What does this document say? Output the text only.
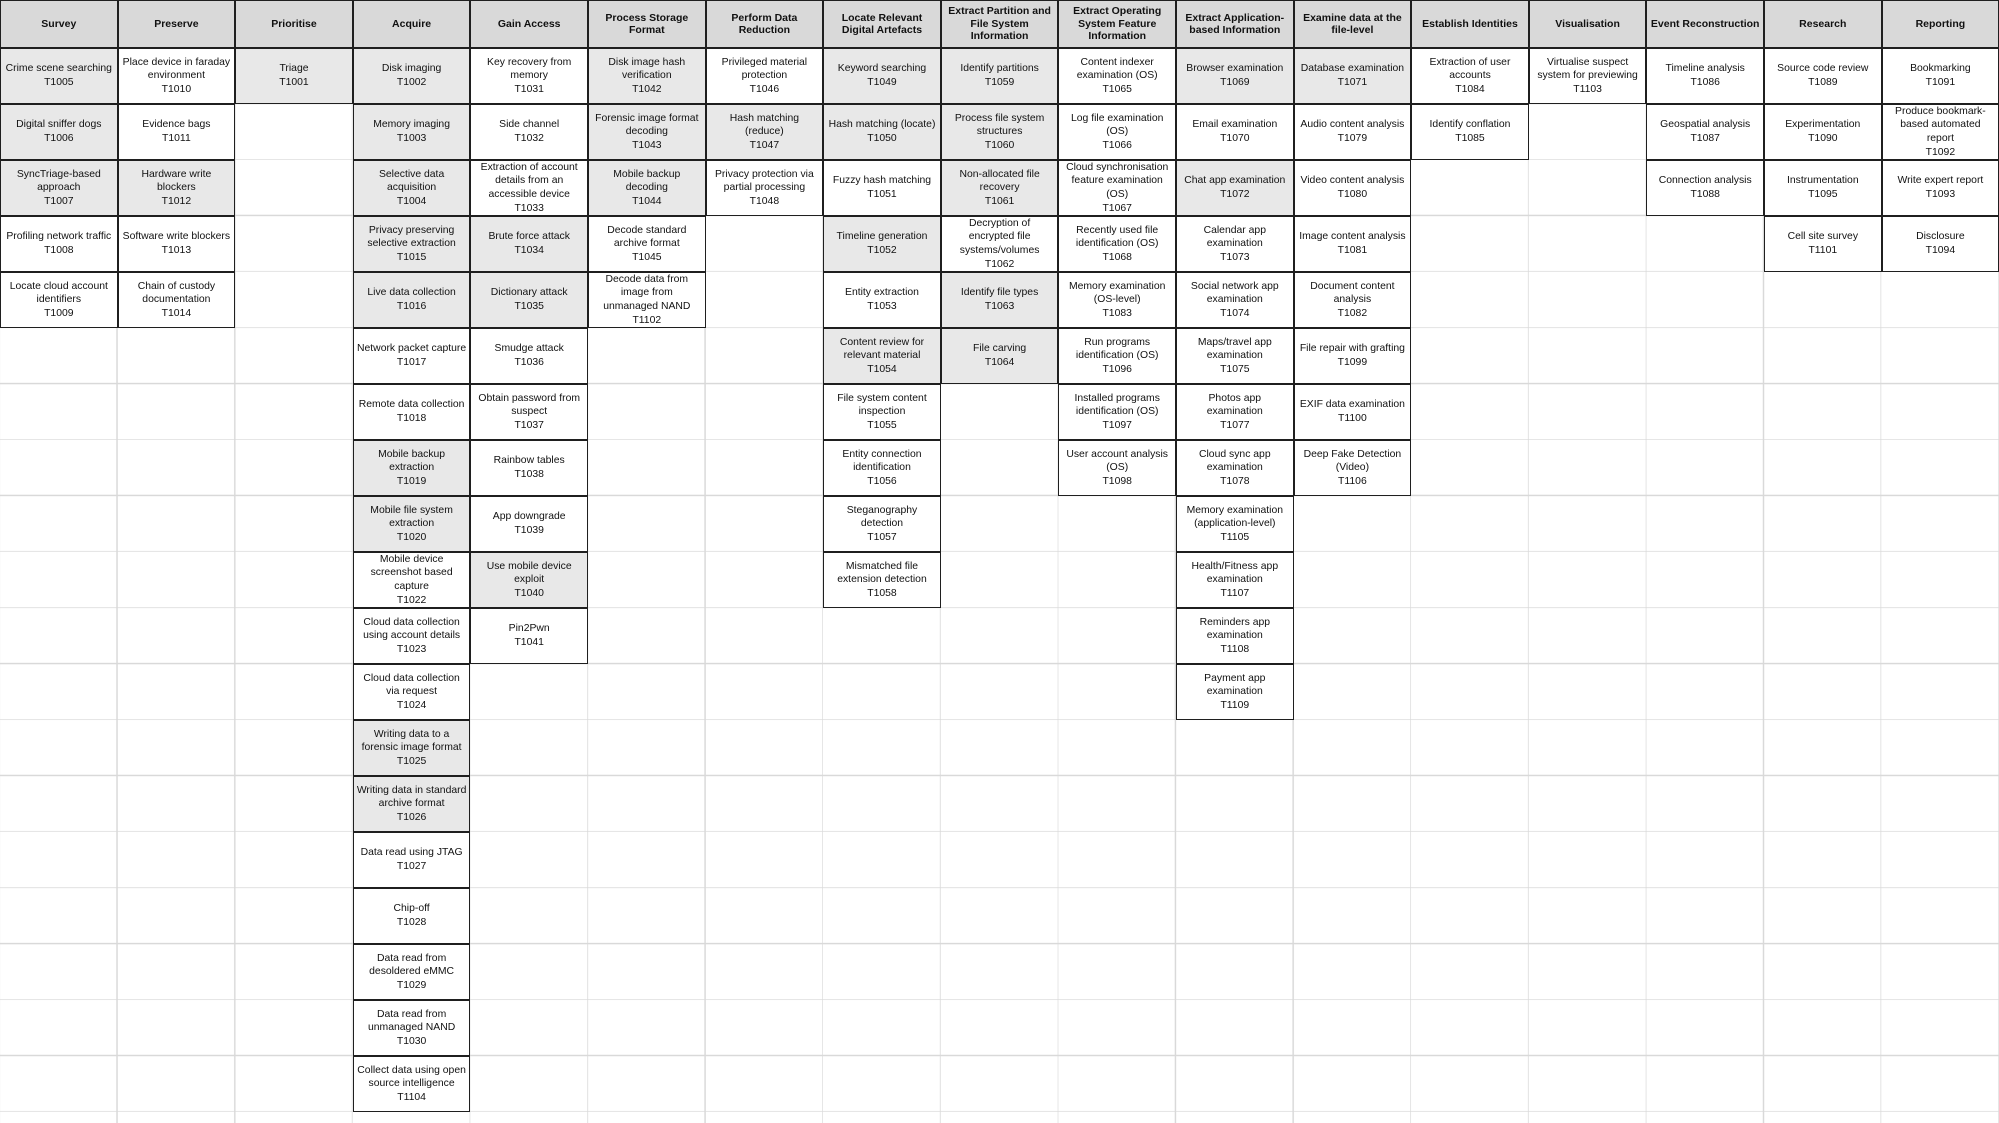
Survey
Crime scene searching
T1005
Digital sniffer dogs
T1006
SyncTriage-based approach
T1007
Profiling network traffic
T1008
Locate cloud account identifiers
T1009
Preserve
Place device in faraday environment
T1010
Evidence bags
T1011
Hardware write blockers
T1012
Software write blockers
T1013
Chain of custody documentation
T1014
Prioritise
Triage
T1001
Acquire
Disk imaging
T1002
Memory imaging
T1003
Selective data acquisition
T1004
Privacy preserving selective extraction
T1015
Live data collection
T1016
Network packet capture
T1017
Remote data collection
T1018
Mobile backup extraction
T1019
Mobile file system extraction
T1020
Mobile device screenshot based capture
T1022
Cloud data collection using account details
T1023
Cloud data collection via request
T1024
Writing data to a forensic image format
T1025
Writing data in standard archive format
T1026
Data read using JTAG
T1027
Chip-off
T1028
Data read from desoldered eMMC
T1029
Data read from unmanaged NAND
T1030
Collect data using open source intelligence
T1104
Gain Access
Key recovery from memory
T1031
Side channel
T1032
Extraction of account details from an accessible device
T1033
Brute force attack
T1034
Dictionary attack
T1035
Smudge attack
T1036
Obtain password from suspect
T1037
Rainbow tables
T1038
App downgrade
T1039
Use mobile device exploit
T1040
Pin2Pwn
T1041
Process Storage Format
Disk image hash verification
T1042
Forensic image format decoding
T1043
Mobile backup decoding
T1044
Decode standard archive format
T1045
Decode data from image from unmanaged NAND
T1102
Perform Data Reduction
Privileged material protection
T1046
Hash matching (reduce)
T1047
Privacy protection via partial processing
T1048
Locate Relevant Digital Artefacts
Keyword searching
T1049
Hash matching (locate)
T1050
Fuzzy hash matching
T1051
Timeline generation
T1052
Entity extraction
T1053
Content review for relevant material
T1054
File system content inspection
T1055
Entity connection identification
T1056
Steganography detection
T1057
Mismatched file extension detection
T1058
Extract Partition and File System Information
Identify partitions
T1059
Process file system structures
T1060
Non-allocated file recovery
T1061
Decryption of encrypted file systems/volumes
T1062
Identify file types
T1063
File carving
T1064
Extract Operating System Feature Information
Content indexer examination (OS)
T1065
Log file examination (OS)
T1066
Cloud synchronisation feature examination (OS)
T1067
Recently used file identification (OS)
T1068
Memory examination (OS-level)
T1083
Run programs identification (OS)
T1096
Installed programs identification (OS)
T1097
User account analysis (OS)
T1098
Extract Application-based Information
Browser examination
T1069
Email examination
T1070
Chat app examination
T1072
Calendar app examination
T1073
Social network app examination
T1074
Maps/travel app examination
T1075
Photos app examination
T1077
Cloud sync app examination
T1078
Memory examination (application-level)
T1105
Health/Fitness app examination
T1107
Reminders app examination
T1108
Payment app examination
T1109
Examine data at the file-level
Database examination
T1071
Audio content analysis
T1079
Video content analysis
T1080
Image content analysis
T1081
Document content analysis
T1082
File repair with grafting
T1099
EXIF data examination
T1100
Deep Fake Detection (Video)
T1106
Establish Identities
Extraction of user accounts
T1084
Identify conflation
T1085
Visualisation
Virtualise suspect system for previewing
T1103
Event Reconstruction
Timeline analysis
T1086
Geospatial analysis
T1087
Connection analysis
T1088
Research
Source code review
T1089
Experimentation
T1090
Instrumentation
T1095
Cell site survey
T1101
Reporting
Bookmarking
T1091
Produce bookmark-based automated report
T1092
Write expert report
T1093
Disclosure
T1094
